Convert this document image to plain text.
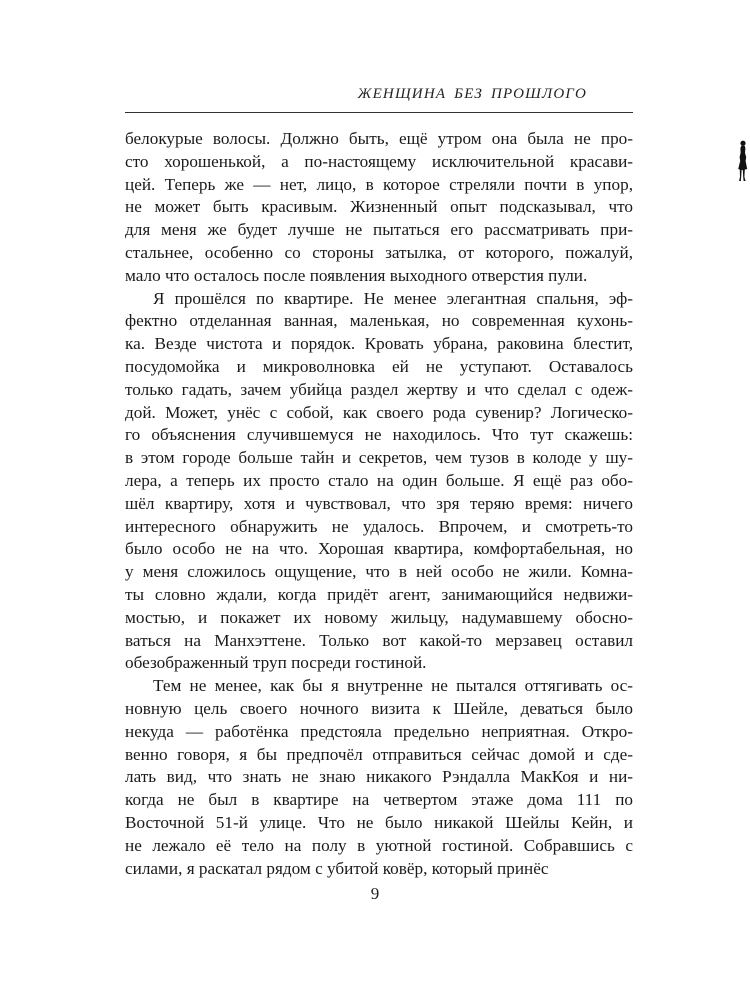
ЖЕНЩИНА БЕЗ ПРОШЛОГО
белокурые волосы. Должно быть, ещё утром она была не про-
сто хорошенькой, а по-настоящему исключительной красави-
цей. Теперь же — нет, лицо, в которое стреляли почти в упор,
не может быть красивым. Жизненный опыт подсказывал, что
для меня же будет лучше не пытаться его рассматривать при-
стальнее, особенно со стороны затылка, от которого, пожалуй,
мало что осталось после появления выходного отверстия пули.
Я прошёлся по квартире. Не менее элегантная спальня, эф-
фектно отделанная ванная, маленькая, но современная кухонь-
ка. Везде чистота и порядок. Кровать убрана, раковина блестит,
посудомойка и микроволновка ей не уступают. Оставалось
только гадать, зачем убийца раздел жертву и что сделал с одеж-
дой. Может, унёс с собой, как своего рода сувенир? Логическо-
го объяснения случившемуся не находилось. Что тут скажешь:
в этом городе больше тайн и секретов, чем тузов в колоде у шу-
лера, а теперь их просто стало на один больше. Я ещё раз обо-
шёл квартиру, хотя и чувствовал, что зря теряю время: ничего
интересного обнаружить не удалось. Впрочем, и смотреть-то
было особо не на что. Хорошая квартира, комфортабельная, но
у меня сложилось ощущение, что в ней особо не жили. Комна-
ты словно ждали, когда придёт агент, занимающийся недвижи-
мостью, и покажет их новому жильцу, надумавшему обосно-
ваться на Манхэттене. Только вот какой-то мерзавец оставил
обезображенный труп посреди гостиной.
Тем не менее, как бы я внутренне не пытался оттягивать ос-
новную цель своего ночного визита к Шейле, деваться было
некуда — работёнка предстояла предельно неприятная. Откро-
венно говоря, я бы предпочёл отправиться сейчас домой и сде-
лать вид, что знать не знаю никакого Рэндалла МакКоя и ни-
когда не был в квартире на четвертом этаже дома 111 по
Восточной 51-й улице. Что не было никакой Шейлы Кейн, и
не лежало её тело на полу в уютной гостиной. Собравшись с
силами, я раскатал рядом с убитой ковёр, который принёс
9
